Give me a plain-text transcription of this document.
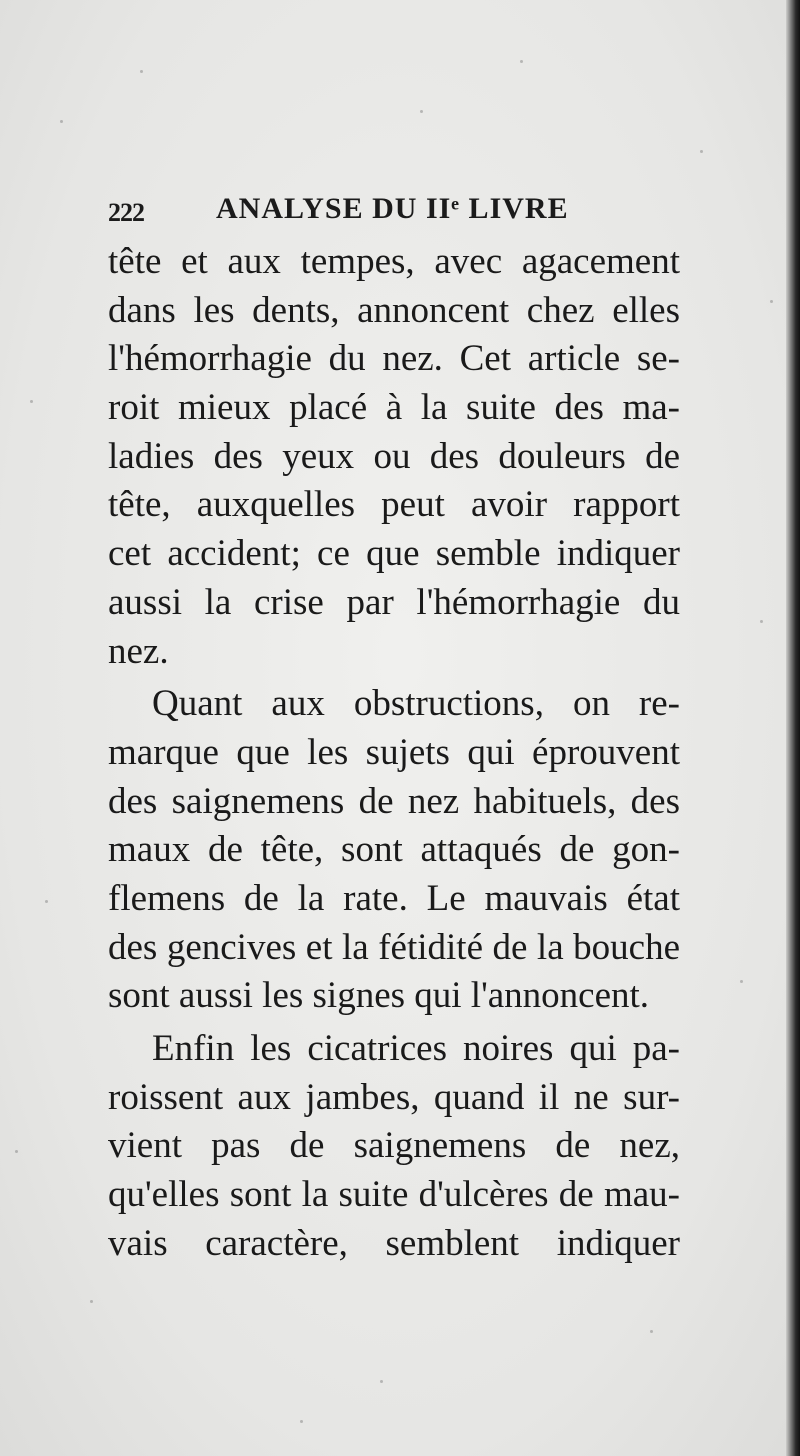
222 ANALYSE DU IIᵉ LIVRE
tête et aux tempes, avec agacement
dans les dents, annoncent chez elles
l'hémorrhagie du nez. Cet article se-
roit mieux placé à la suite des ma-
ladies des yeux ou des douleurs de
tête, auxquelles peut avoir rapport
cet accident; ce que semble indiquer
aussi la crise par l'hémorrhagie du
nez.
Quant aux obstructions, on re-
marque que les sujets qui éprouvent
des saignemens de nez habituels, des
maux de tête, sont attaqués de gon-
flemens de la rate. Le mauvais état
des gencives et la fétidité de la bouche
sont aussi les signes qui l'annoncent.
Enfin les cicatrices noires qui pa-
roissent aux jambes, quand il ne sur-
vient pas de saignemens de nez,
qu'elles sont la suite d'ulcères de mau-
vais caractère, semblent indiquer
